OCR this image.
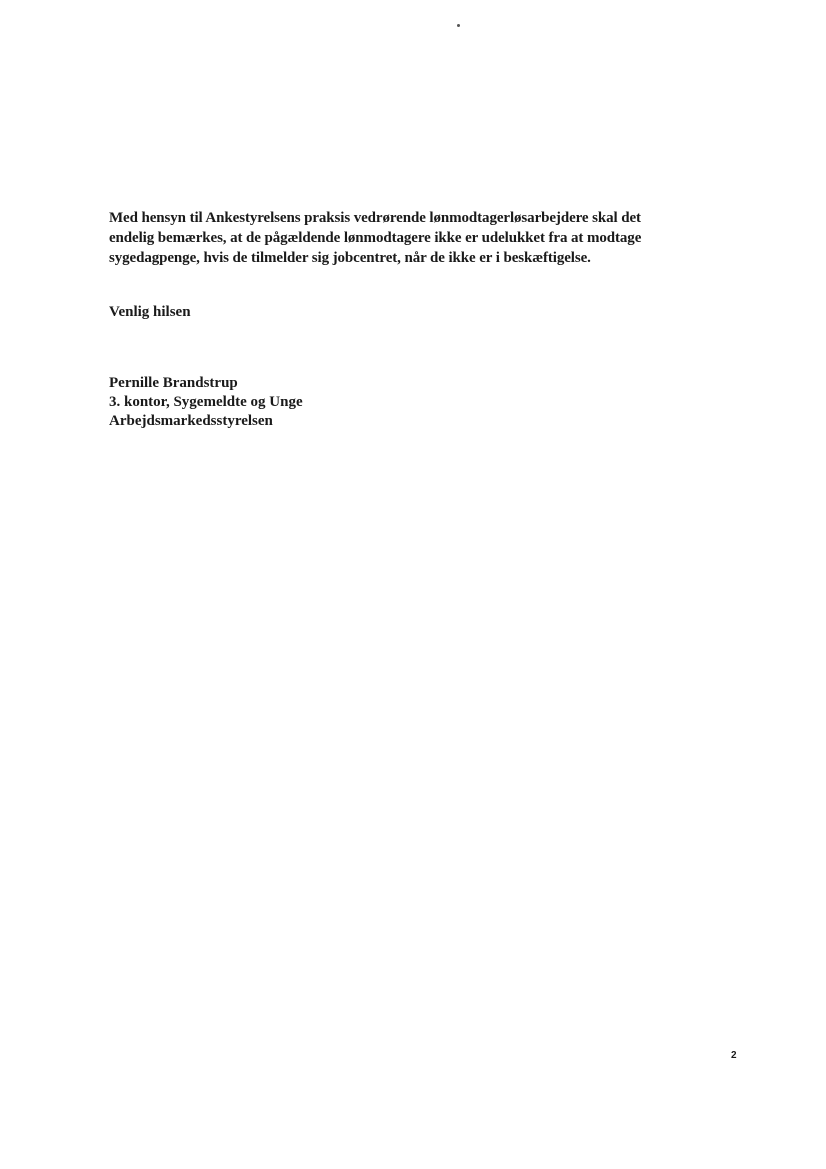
Med hensyn til Ankestyrelsens praksis vedrørende lønmodtagerløsarbejdere skal det
endelig bemærkes, at de pågældende lønmodtagere ikke er udelukket fra at modtage
sygedagpenge, hvis de tilmelder sig jobcentret, når de ikke er i beskæftigelse.
Venlig hilsen
Pernille Brandstrup
3. kontor, Sygemeldte og Unge
Arbejdsmarkedsstyrelsen
2
